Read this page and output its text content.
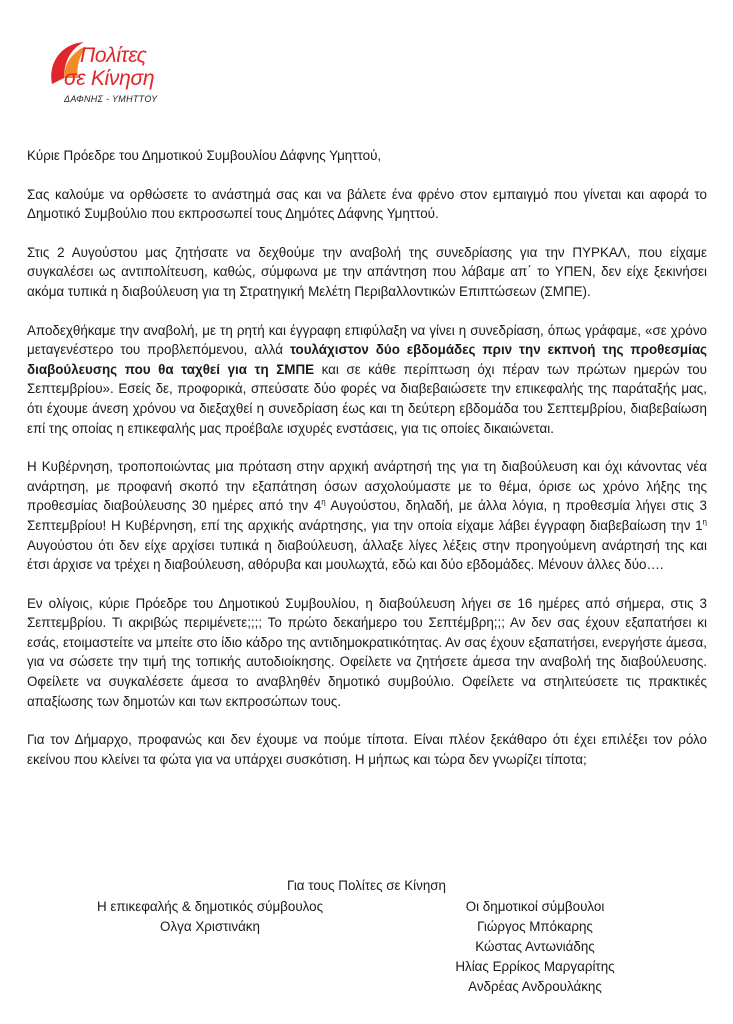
Πολίτες
σε Κίνηση
ΔΑΦΝΗΣ - ΥΜΗΤΤΟΥ

Κύριε Πρόεδρε του Δημοτικού Συμβουλίου Δάφνης Υμηττού,

Σας καλούμε να ορθώσετε το ανάστημά σας και να βάλετε ένα φρένο στον εμπαιγμό που γίνεται και αφορά το Δημοτικό Συμβούλιο που εκπροσωπεί τους Δημότες Δάφνης Υμηττού.

Στις 2 Αυγούστου μας ζητήσατε να δεχθούμε την αναβολή της συνεδρίασης για την ΠΥΡΚΑΛ, που είχαμε συγκαλέσει ως αντιπολίτευση, καθώς, σύμφωνα με την απάντηση που λάβαμε απ΄ το ΥΠΕΝ, δεν είχε ξεκινήσει ακόμα τυπικά η διαβούλευση για τη Στρατηγική Μελέτη Περιβαλλοντικών Επιπτώσεων (ΣΜΠΕ).

Αποδεχθήκαμε την αναβολή, με τη ρητή και έγγραφη επιφύλαξη να γίνει η συνεδρίαση, όπως γράφαμε, «σε χρόνο μεταγενέστερο του προβλεπόμενου, αλλά τουλάχιστον δύο εβδομάδες πριν την εκπνοή της προθεσμίας διαβούλευσης που θα ταχθεί για τη ΣΜΠΕ και σε κάθε περίπτωση όχι πέραν των πρώτων ημερών του Σεπτεμβρίου». Εσείς δε, προφορικά, σπεύσατε δύο φορές να διαβεβαιώσετε την επικεφαλής της παράταξής μας, ότι έχουμε άνεση χρόνου να διεξαχθεί η συνεδρίαση έως και τη δεύτερη εβδομάδα του Σεπτεμβρίου, διαβεβαίωση επί της οποίας η επικεφαλής μας προέβαλε ισχυρές ενστάσεις, για τις οποίες δικαιώνεται.

Η Κυβέρνηση, τροποποιώντας μια πρόταση στην αρχική ανάρτησή της για τη διαβούλευση και όχι κάνοντας νέα ανάρτηση, με προφανή σκοπό την εξαπάτηση όσων ασχολούμαστε με το θέμα, όρισε ως χρόνο λήξης της προθεσμίας διαβούλευσης 30 ημέρες από την $4^\eta$ Αυγούστου, δηλαδή, με άλλα λόγια, η προθεσμία λήγει στις 3 Σεπτεμβρίου! Η Κυβέρνηση, επί της αρχικής ανάρτησης, για την οποία είχαμε λάβει έγγραφη διαβεβαίωση την $1^\eta$ Αυγούστου ότι δεν είχε αρχίσει τυπικά η διαβούλευση, άλλαξε λίγες λέξεις στην προηγούμενη ανάρτησή της και έτσι άρχισε να τρέχει η διαβούλευση, αθόρυβα και μουλωχτά, εδώ και δύο εβδομάδες. Μένουν άλλες δύο….

Εν ολίγοις, κύριε Πρόεδρε του Δημοτικού Συμβουλίου, η διαβούλευση λήγει σε 16 ημέρες από σήμερα, στις 3 Σεπτεμβρίου. Τι ακριβώς περιμένετε;;;; Το πρώτο δεκαήμερο του Σεπτέμβρη;;; Αν δεν σας έχουν εξαπατήσει κι εσάς, ετοιμαστείτε να μπείτε στο ίδιο κάδρο της αντιδημοκρατικότητας. Αν σας έχουν εξαπατήσει, ενεργήστε άμεσα, για να σώσετε την τιμή της τοπικής αυτοδιοίκησης. Οφείλετε να ζητήσετε άμεσα την αναβολή της διαβούλευσης. Οφείλετε να συγκαλέσετε άμεσα το αναβληθέν δημοτικό συμβούλιο. Οφείλετε να στηλιτεύσετε τις πρακτικές απαξίωσης των δημοτών και των εκπροσώπων τους.

Για τον Δήμαρχο, προφανώς και δεν έχουμε να πούμε τίποτα. Είναι πλέον ξεκάθαρο ότι έχει επιλέξει τον ρόλο εκείνου που κλείνει τα φώτα για να υπάρχει συσκότιση. Η μήπως και τώρα δεν γνωρίζει τίποτα;

Για τους Πολίτες σε Κίνηση
Η επικεφαλής & δημοτικός σύμβουλος
Ολγα Χριστινάκη
Οι δημοτικοί σύμβουλοι
Γιώργος Μπόκαρης
Κώστας Αντωνιάδης
Ηλίας Ερρίκος Μαργαρίτης
Ανδρέας Ανδρουλάκης
